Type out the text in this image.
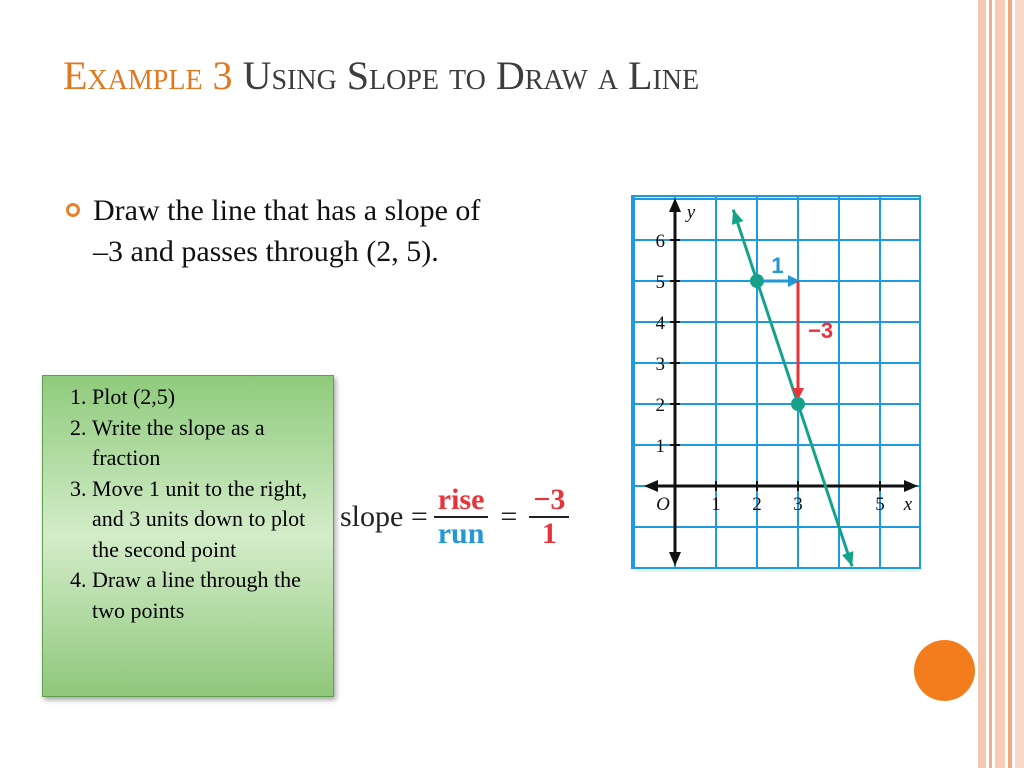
Example 3 Using Slope to Draw a Line
Draw the line that has a slope of –3 and passes through (2, 5).
1. Plot (2,5)
2. Write the slope as a fraction
3. Move 1 unit to the right, and 3 units down to plot the second point
4. Draw a line through the two points
slope = $\frac{\text{rise}}{\text{run}} = \frac{-3}{1}$	1 2 3	5
1
2
3
4
5
6
O	x
y
1
−3
